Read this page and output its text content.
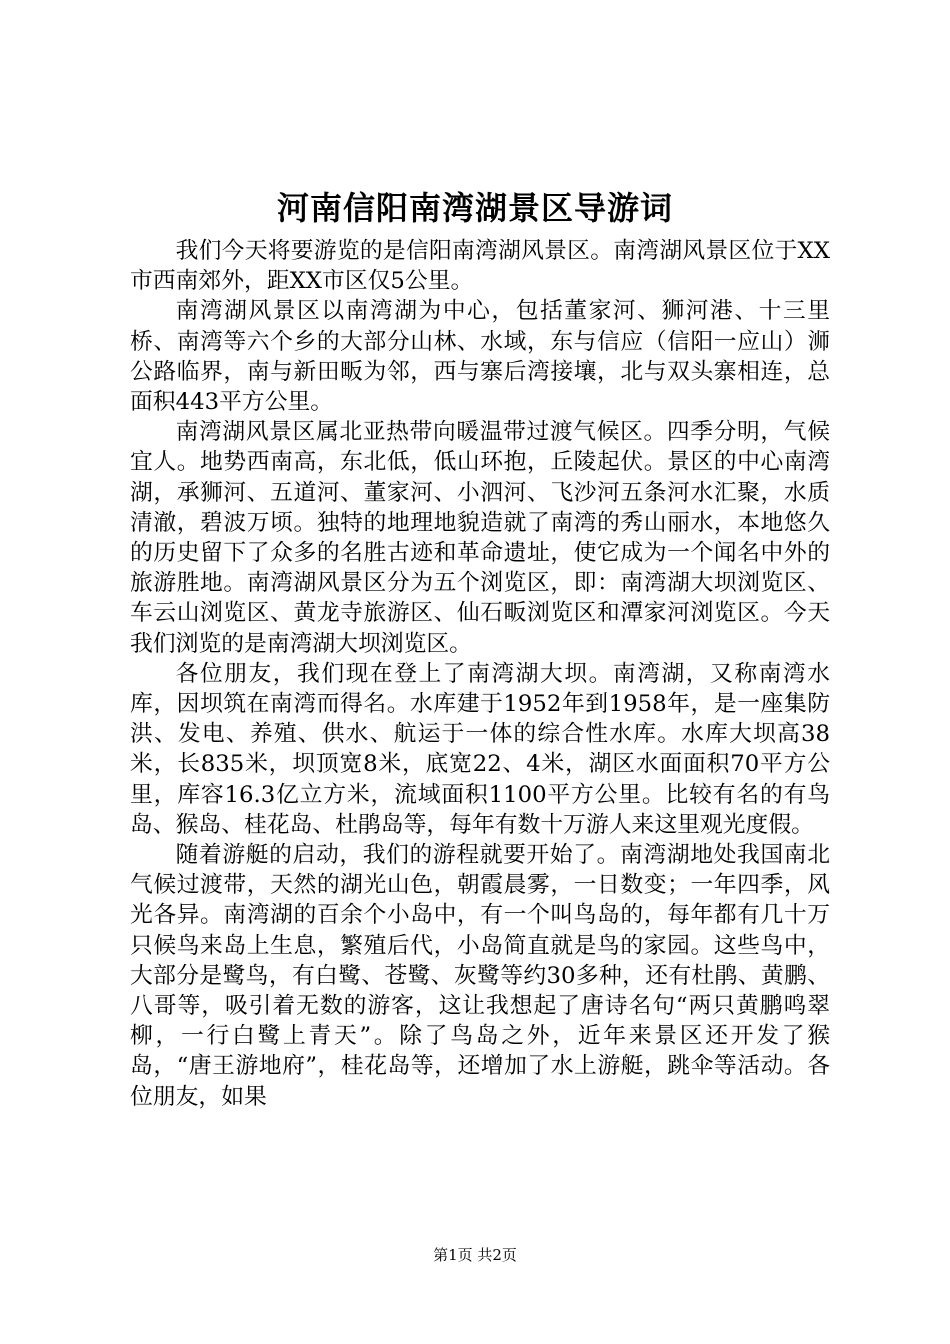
河南信阳南湾湖景区导游词

我们今天将要游览的是信阳南湾湖风景区。南湾湖风景区位于XX市西南郊外，距XX市区仅5公里。

南湾湖风景区以南湾湖为中心，包括董家河、狮河港、十三里桥、南湾等六个乡的大部分山林、水域，东与信应（信阳一应山）浉公路临界，南与新田畈为邻，西与寨后湾接壤，北与双头寨相连，总面积443平方公里。

南湾湖风景区属北亚热带向暖温带过渡气候区。四季分明，气候宜人。地势西南高，东北低，低山环抱，丘陵起伏。景区的中心南湾湖，承狮河、五道河、董家河、小泗河、飞沙河五条河水汇聚，水质清澈，碧波万顷。独特的地理地貌造就了南湾的秀山丽水，本地悠久的历史留下了众多的名胜古迹和革命遗址，使它成为一个闻名中外的旅游胜地。南湾湖风景区分为五个浏览区，即：南湾湖大坝浏览区、车云山浏览区、黄龙寺旅游区、仙石畈浏览区和潭家河浏览区。今天我们浏览的是南湾湖大坝浏览区。

各位朋友，我们现在登上了南湾湖大坝。南湾湖，又称南湾水库，因坝筑在南湾而得名。水库建于1952年到1958年，是一座集防洪、发电、养殖、供水、航运于一体的综合性水库。水库大坝高38米，长835米，坝顶宽8米，底宽22、4米，湖区水面面积70平方公里，库容16.3亿立方米，流域面积1100平方公里。比较有名的有鸟岛、猴岛、桂花岛、杜鹃岛等，每年有数十万游人来这里观光度假。

随着游艇的启动，我们的游程就要开始了。南湾湖地处我国南北气候过渡带，天然的湖光山色，朝霞晨雾，一日数变；一年四季，风光各异。南湾湖的百余个小岛中，有一个叫鸟岛的，每年都有几十万只候鸟来岛上生息，繁殖后代，小岛简直就是鸟的家园。这些鸟中，大部分是鹭鸟，有白鹭、苍鹭、灰鹭等约30多种，还有杜鹃、黄鹏、八哥等，吸引着无数的游客，这让我想起了唐诗名句“两只黄鹏鸣翠柳，一行白鹭上青天”。除了鸟岛之外，近年来景区还开发了猴岛，“唐王游地府”，桂花岛等，还增加了水上游艇，跳伞等活动。各位朋友，如果

第1页 共2页
